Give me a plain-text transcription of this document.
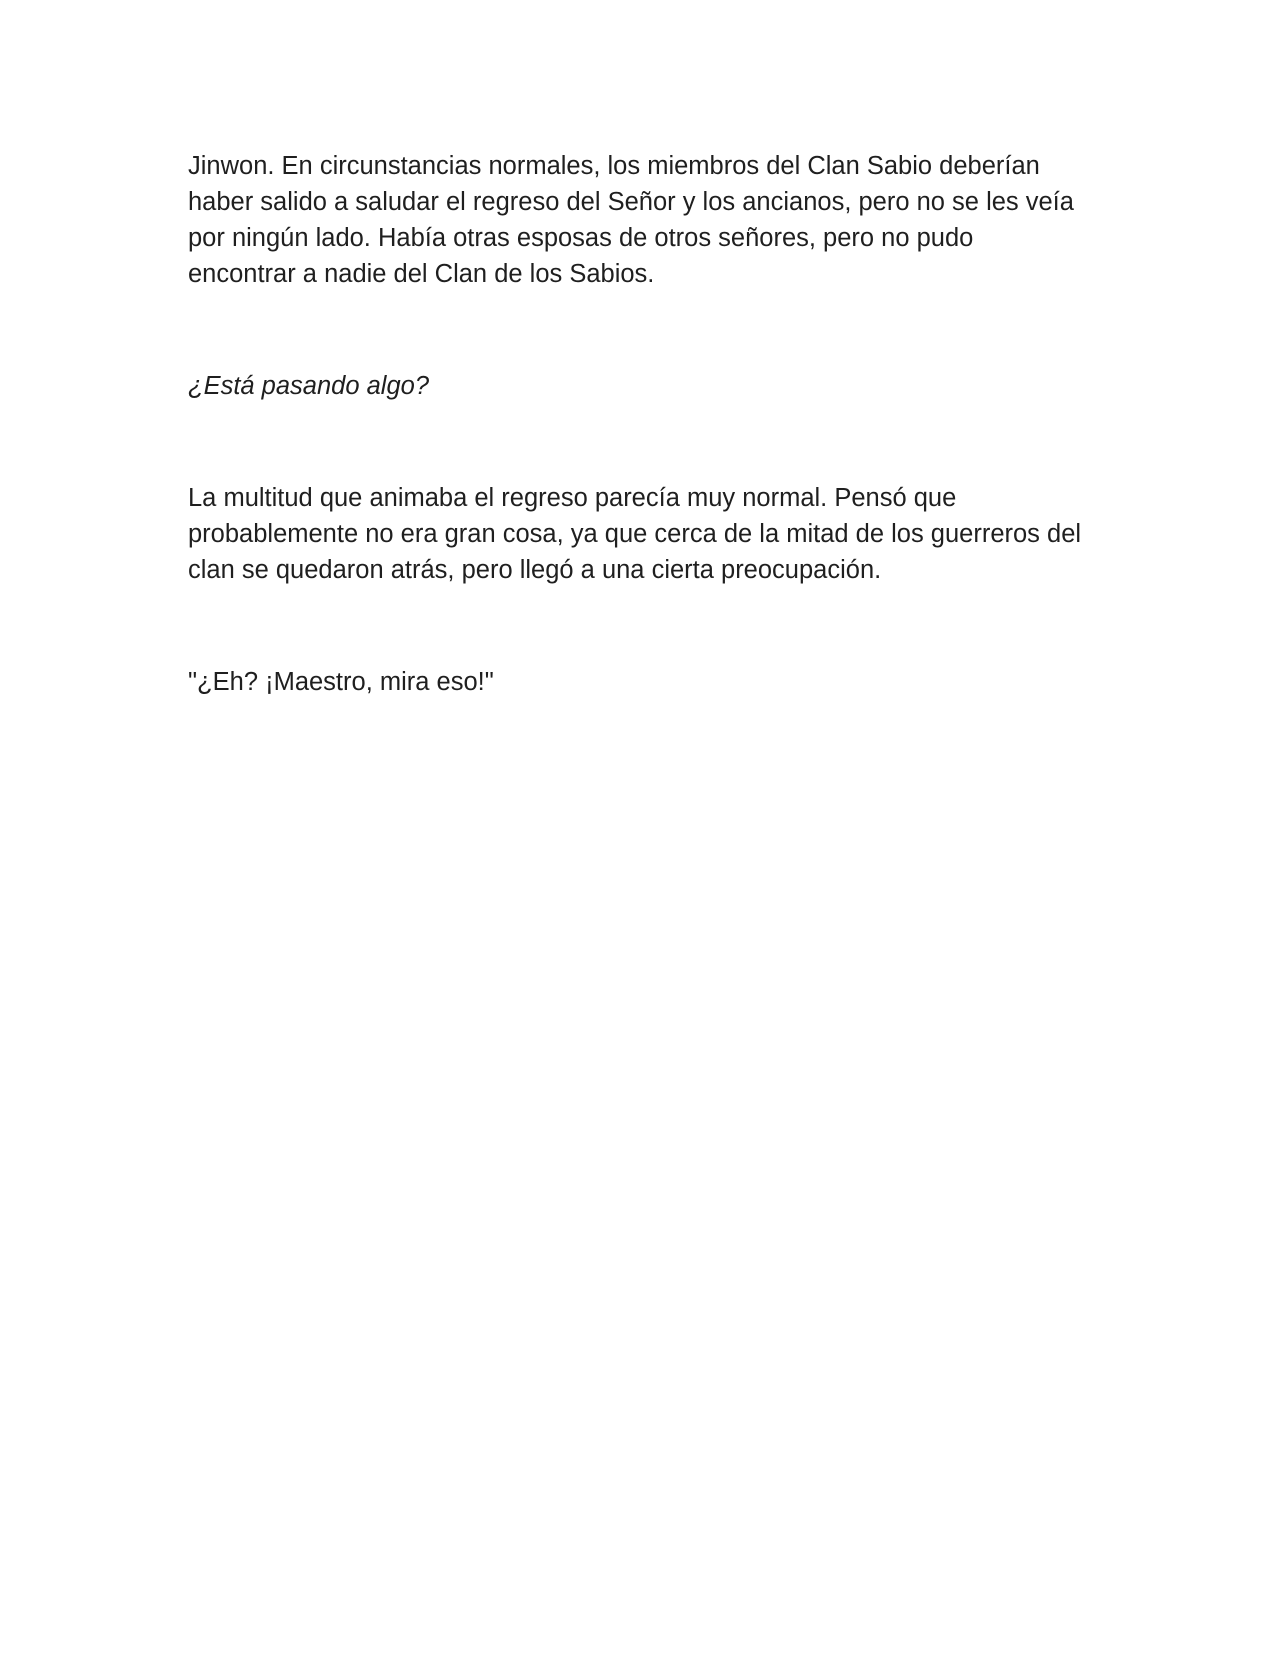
Jinwon. En circunstancias normales, los miembros del Clan Sabio deberían haber salido a saludar el regreso del Señor y los ancianos, pero no se les veía por ningún lado. Había otras esposas de otros señores, pero no pudo encontrar a nadie del Clan de los Sabios.

¿Está pasando algo?

La multitud que animaba el regreso parecía muy normal. Pensó que probablemente no era gran cosa, ya que cerca de la mitad de los guerreros del clan se quedaron atrás, pero llegó a una cierta preocupación.

"¿Eh? ¡Maestro, mira eso!"
